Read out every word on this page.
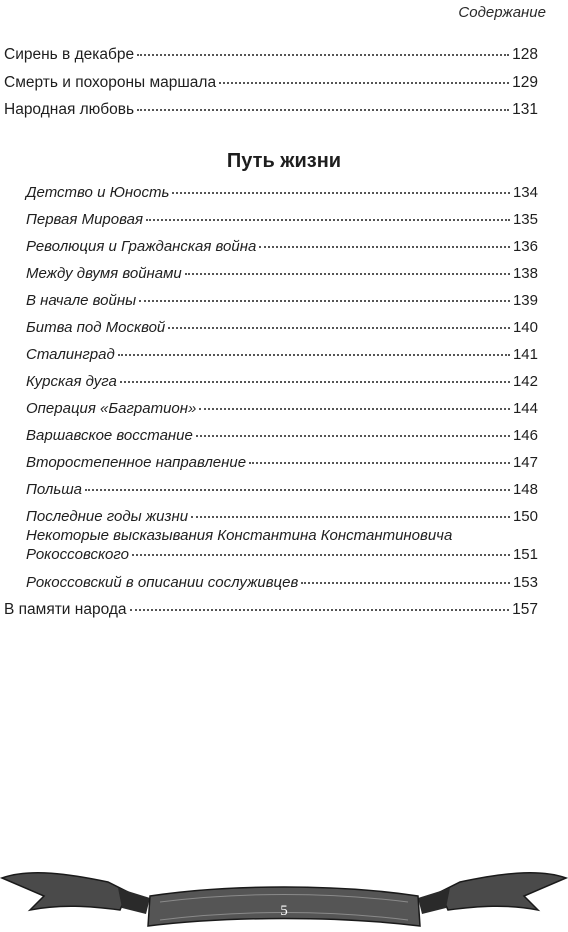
Содержание
Сирень в декабре	128
Смерть и похороны маршала	129
Народная любовь	131
Путь жизни
Детство и Юность	134
Первая Мировая	135
Революция и Гражданская война	136
Между двумя войнами	138
В начале войны	139
Битва под Москвой	140
Сталинград	141
Курская дуга	142
Операция «Багратион»	144
Варшавское восстание	146
Второстепенное направление	147
Польша	148
Последние годы жизни	150
Некоторые высказывания Константина Константиновича
Рокоссовского	151
Рокоссовский в описании сослуживцев	153
В памяти народа	157
5
